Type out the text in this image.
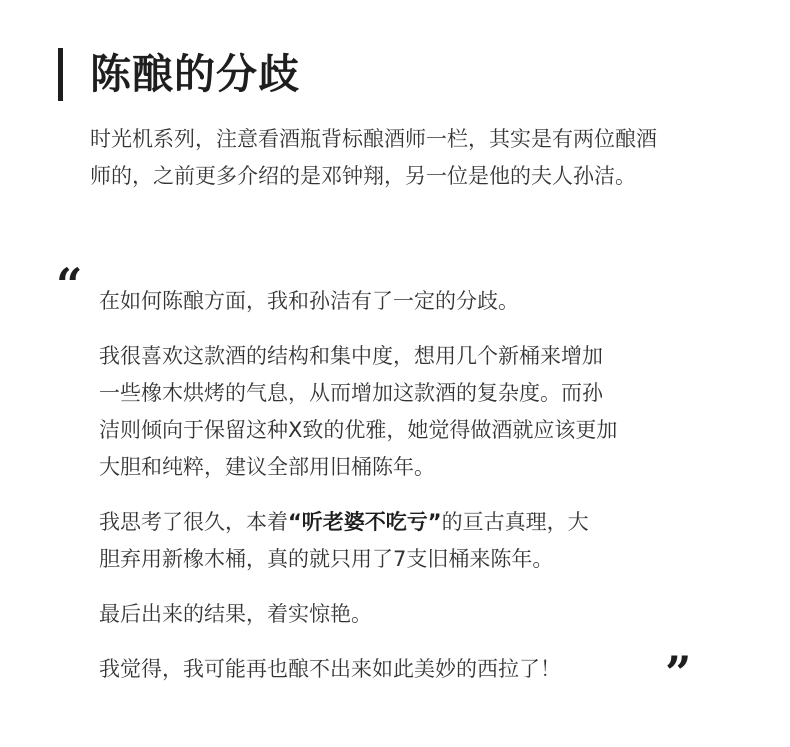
陈酿的分歧
时光机系列，注意看酒瓶背标酿酒师一栏，其实是有两位酿酒
师的，之前更多介绍的是邓钟翔，另一位是他的夫人孙洁。
“ 在如何陈酿方面，我和孙洁有了一定的分歧。

我很喜欢这款酒的结构和集中度，想用几个新桶来增加
一些橡木烘烤的气息，从而增加这款酒的复杂度。而孙
洁则倾向于保留这种X致的优雅，她觉得做酒就应该更加
大胆和纯粹，建议全部用旧桶陈年。

我思考了很久，本着“听老婆不吃亏”的亘古真理，大
胆弃用新橡木桶，真的就只用了7支旧桶来陈年。

最后出来的结果，着实惊艳。

我觉得，我可能再也酿不出来如此美妙的西拉了！	”
